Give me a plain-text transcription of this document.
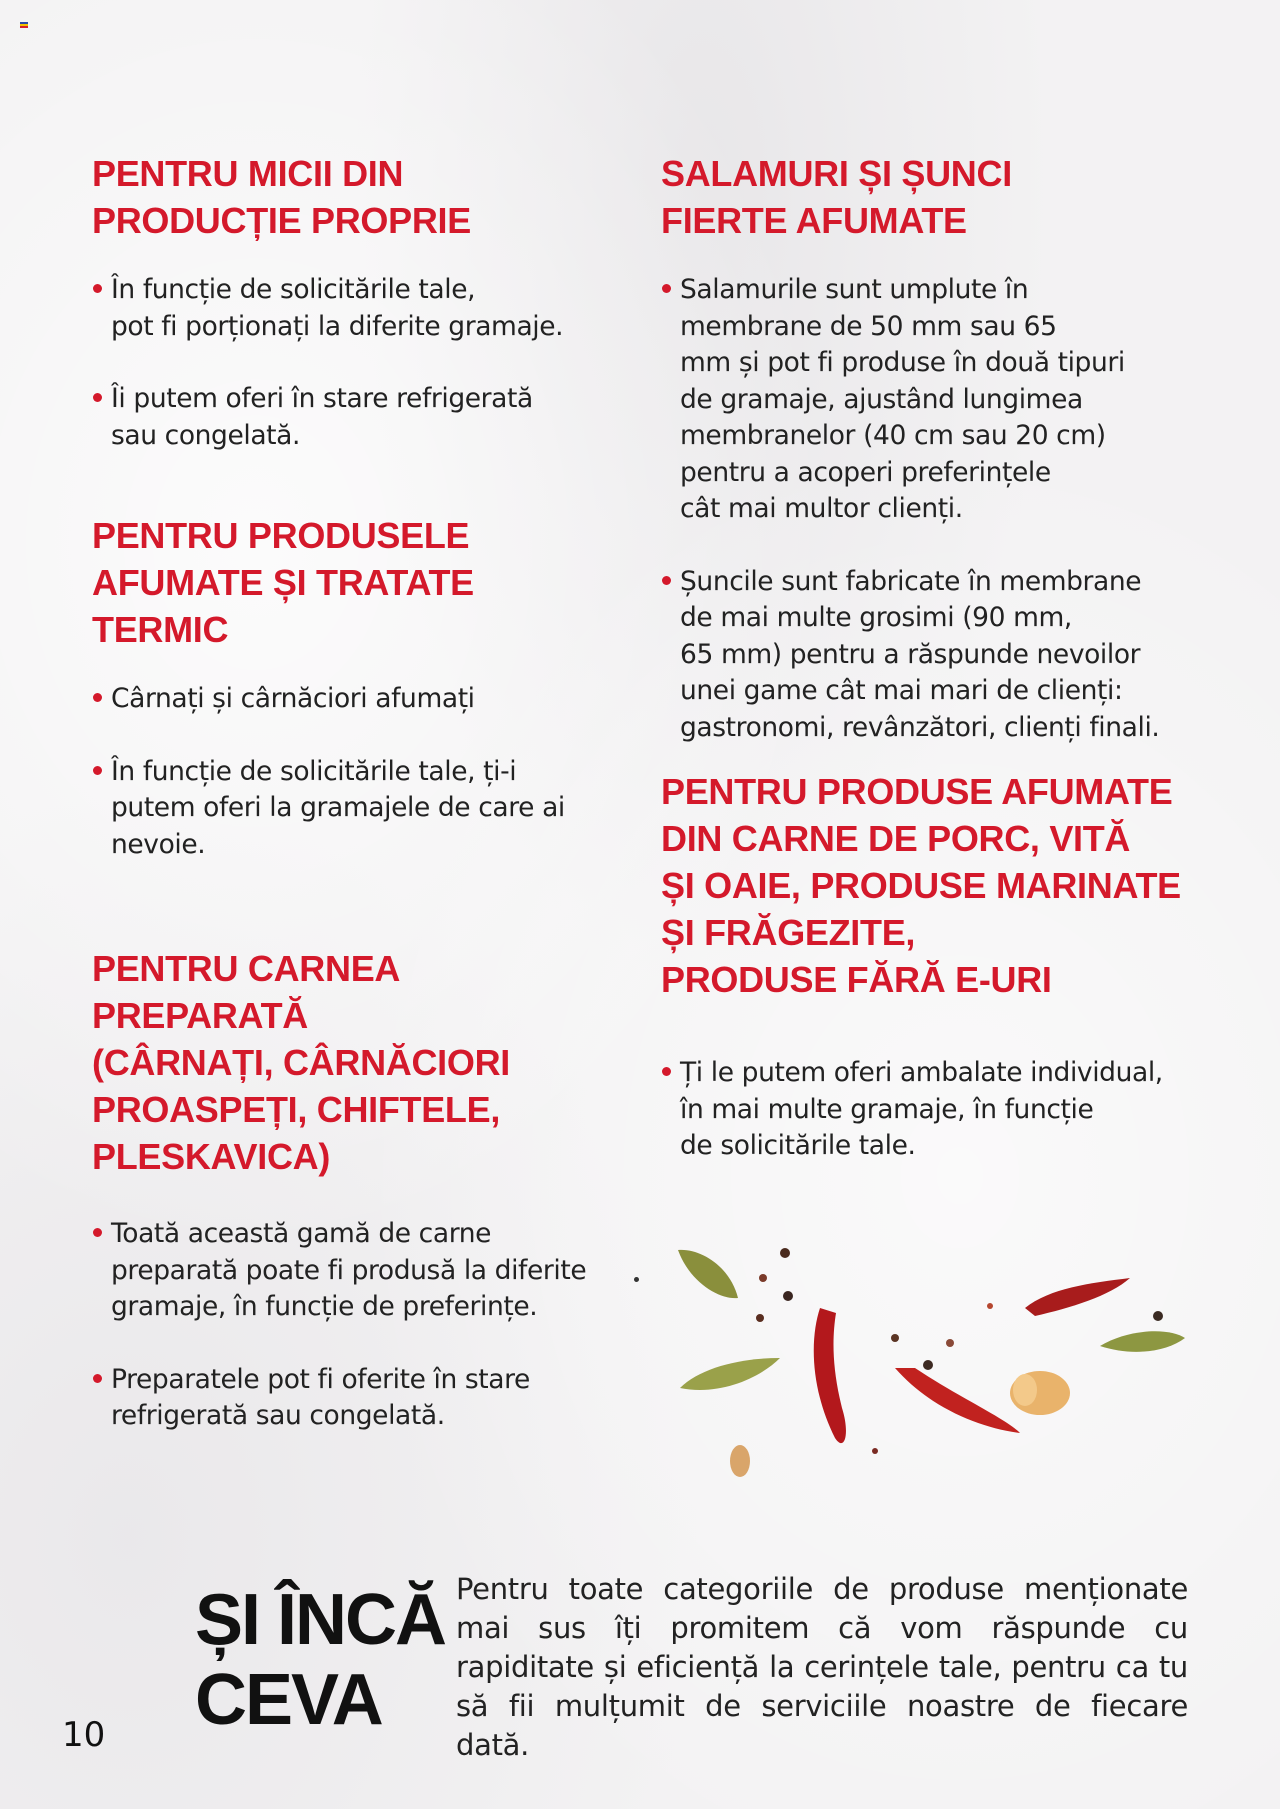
PENTRU MICII DIN
PRODUCȚIE PROPRIE
În funcție de solicitările tale,
pot fi porționați la diferite gramaje.
Îi putem oferi în stare refrigerată
sau congelată.
PENTRU PRODUSELE
AFUMATE ȘI TRATATE
TERMIC
Cârnați și cârnăciori afumați
În funcție de solicitările tale, ți-i
putem oferi la gramajele de care ai
nevoie.
PENTRU CARNEA
PREPARATĂ
(CÂRNAȚI, CÂRNĂCIORI
PROASPEȚI, CHIFTELE,
PLESKAVICA)
Toată această gamă de carne
preparată poate fi produsă la diferite
gramaje, în funcție de preferințe.
Preparatele pot fi oferite în stare
refrigerată sau congelată.
SALAMURI ȘI ȘUNCI
FIERTE AFUMATE
Salamurile sunt umplute în
membrane de 50 mm sau 65
mm și pot fi produse în două tipuri
de gramaje, ajustând lungimea
membranelor (40 cm sau 20 cm)
pentru a acoperi preferințele
cât mai multor clienți.
Șuncile sunt fabricate în membrane
de mai multe grosimi (90 mm,
65 mm) pentru a răspunde nevoilor
unei game cât mai mari de clienți:
gastronomi, revânzători, clienți finali.
PENTRU PRODUSE AFUMATE
DIN CARNE DE PORC, VITĂ
ȘI OAIE, PRODUSE MARINATE
ȘI FRĂGEZITE,
PRODUSE FĂRĂ E-URI
Ți le putem oferi ambalate individual,
în mai multe gramaje, în funcție
de solicitările tale.
ȘI ÎNCĂ
CEVA
Pentru toate categoriile de produse menționate mai sus îți promitem că vom răspunde cu rapiditate și eficiență la cerințele tale, pentru ca tu să fii mulțumit de serviciile noastre de fiecare dată.
10
